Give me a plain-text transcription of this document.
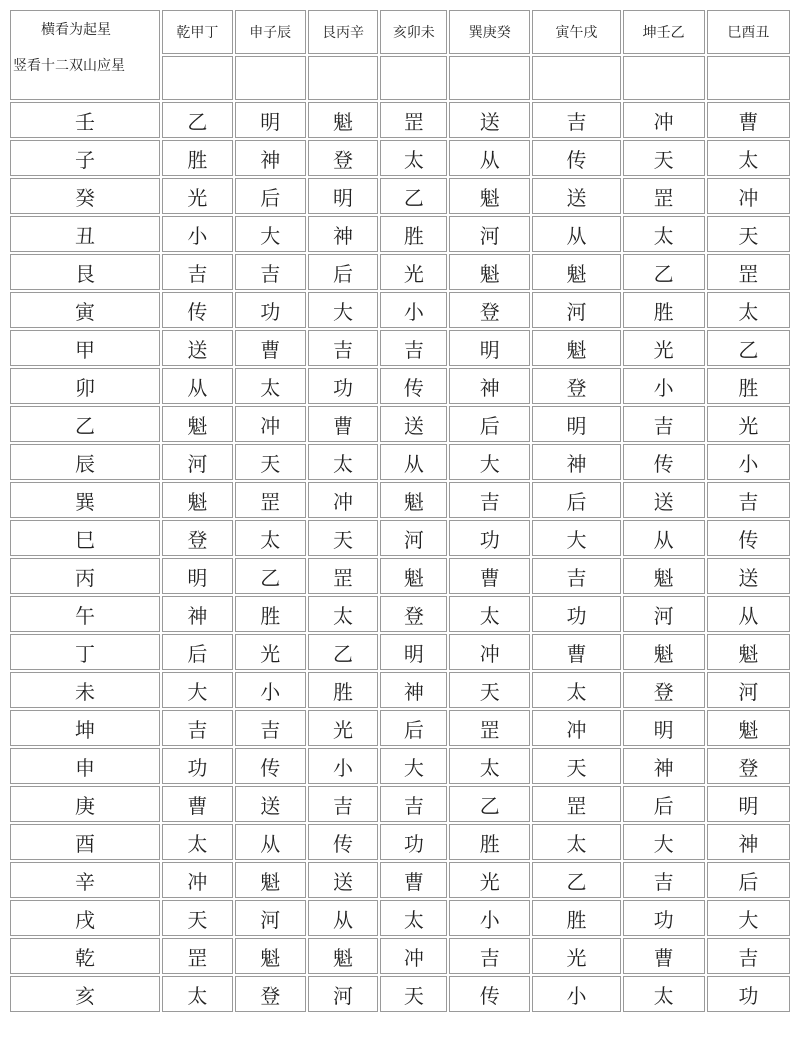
横看为起星
竖看十二双山应星	乾甲丁	申子辰	艮丙辛	亥卯未	巽庚癸	寅午戌	坤壬乙	巳酉丑

壬	乙	明	魁	罡	送	吉	冲	曹
子	胜	神	登	太	从	传	天	太
癸	光	后	明	乙	魁	送	罡	冲
丑	小	大	神	胜	河	从	太	天
艮	吉	吉	后	光	魁	魁	乙	罡
寅	传	功	大	小	登	河	胜	太
甲	送	曹	吉	吉	明	魁	光	乙
卯	从	太	功	传	神	登	小	胜
乙	魁	冲	曹	送	后	明	吉	光
辰	河	天	太	从	大	神	传	小
巽	魁	罡	冲	魁	吉	后	送	吉
巳	登	太	天	河	功	大	从	传
丙	明	乙	罡	魁	曹	吉	魁	送
午	神	胜	太	登	太	功	河	从
丁	后	光	乙	明	冲	曹	魁	魁
未	大	小	胜	神	天	太	登	河
坤	吉	吉	光	后	罡	冲	明	魁
申	功	传	小	大	太	天	神	登
庚	曹	送	吉	吉	乙	罡	后	明
酉	太	从	传	功	胜	太	大	神
辛	冲	魁	送	曹	光	乙	吉	后
戌	天	河	从	太	小	胜	功	大
乾	罡	魁	魁	冲	吉	光	曹	吉
亥	太	登	河	天	传	小	太	功
